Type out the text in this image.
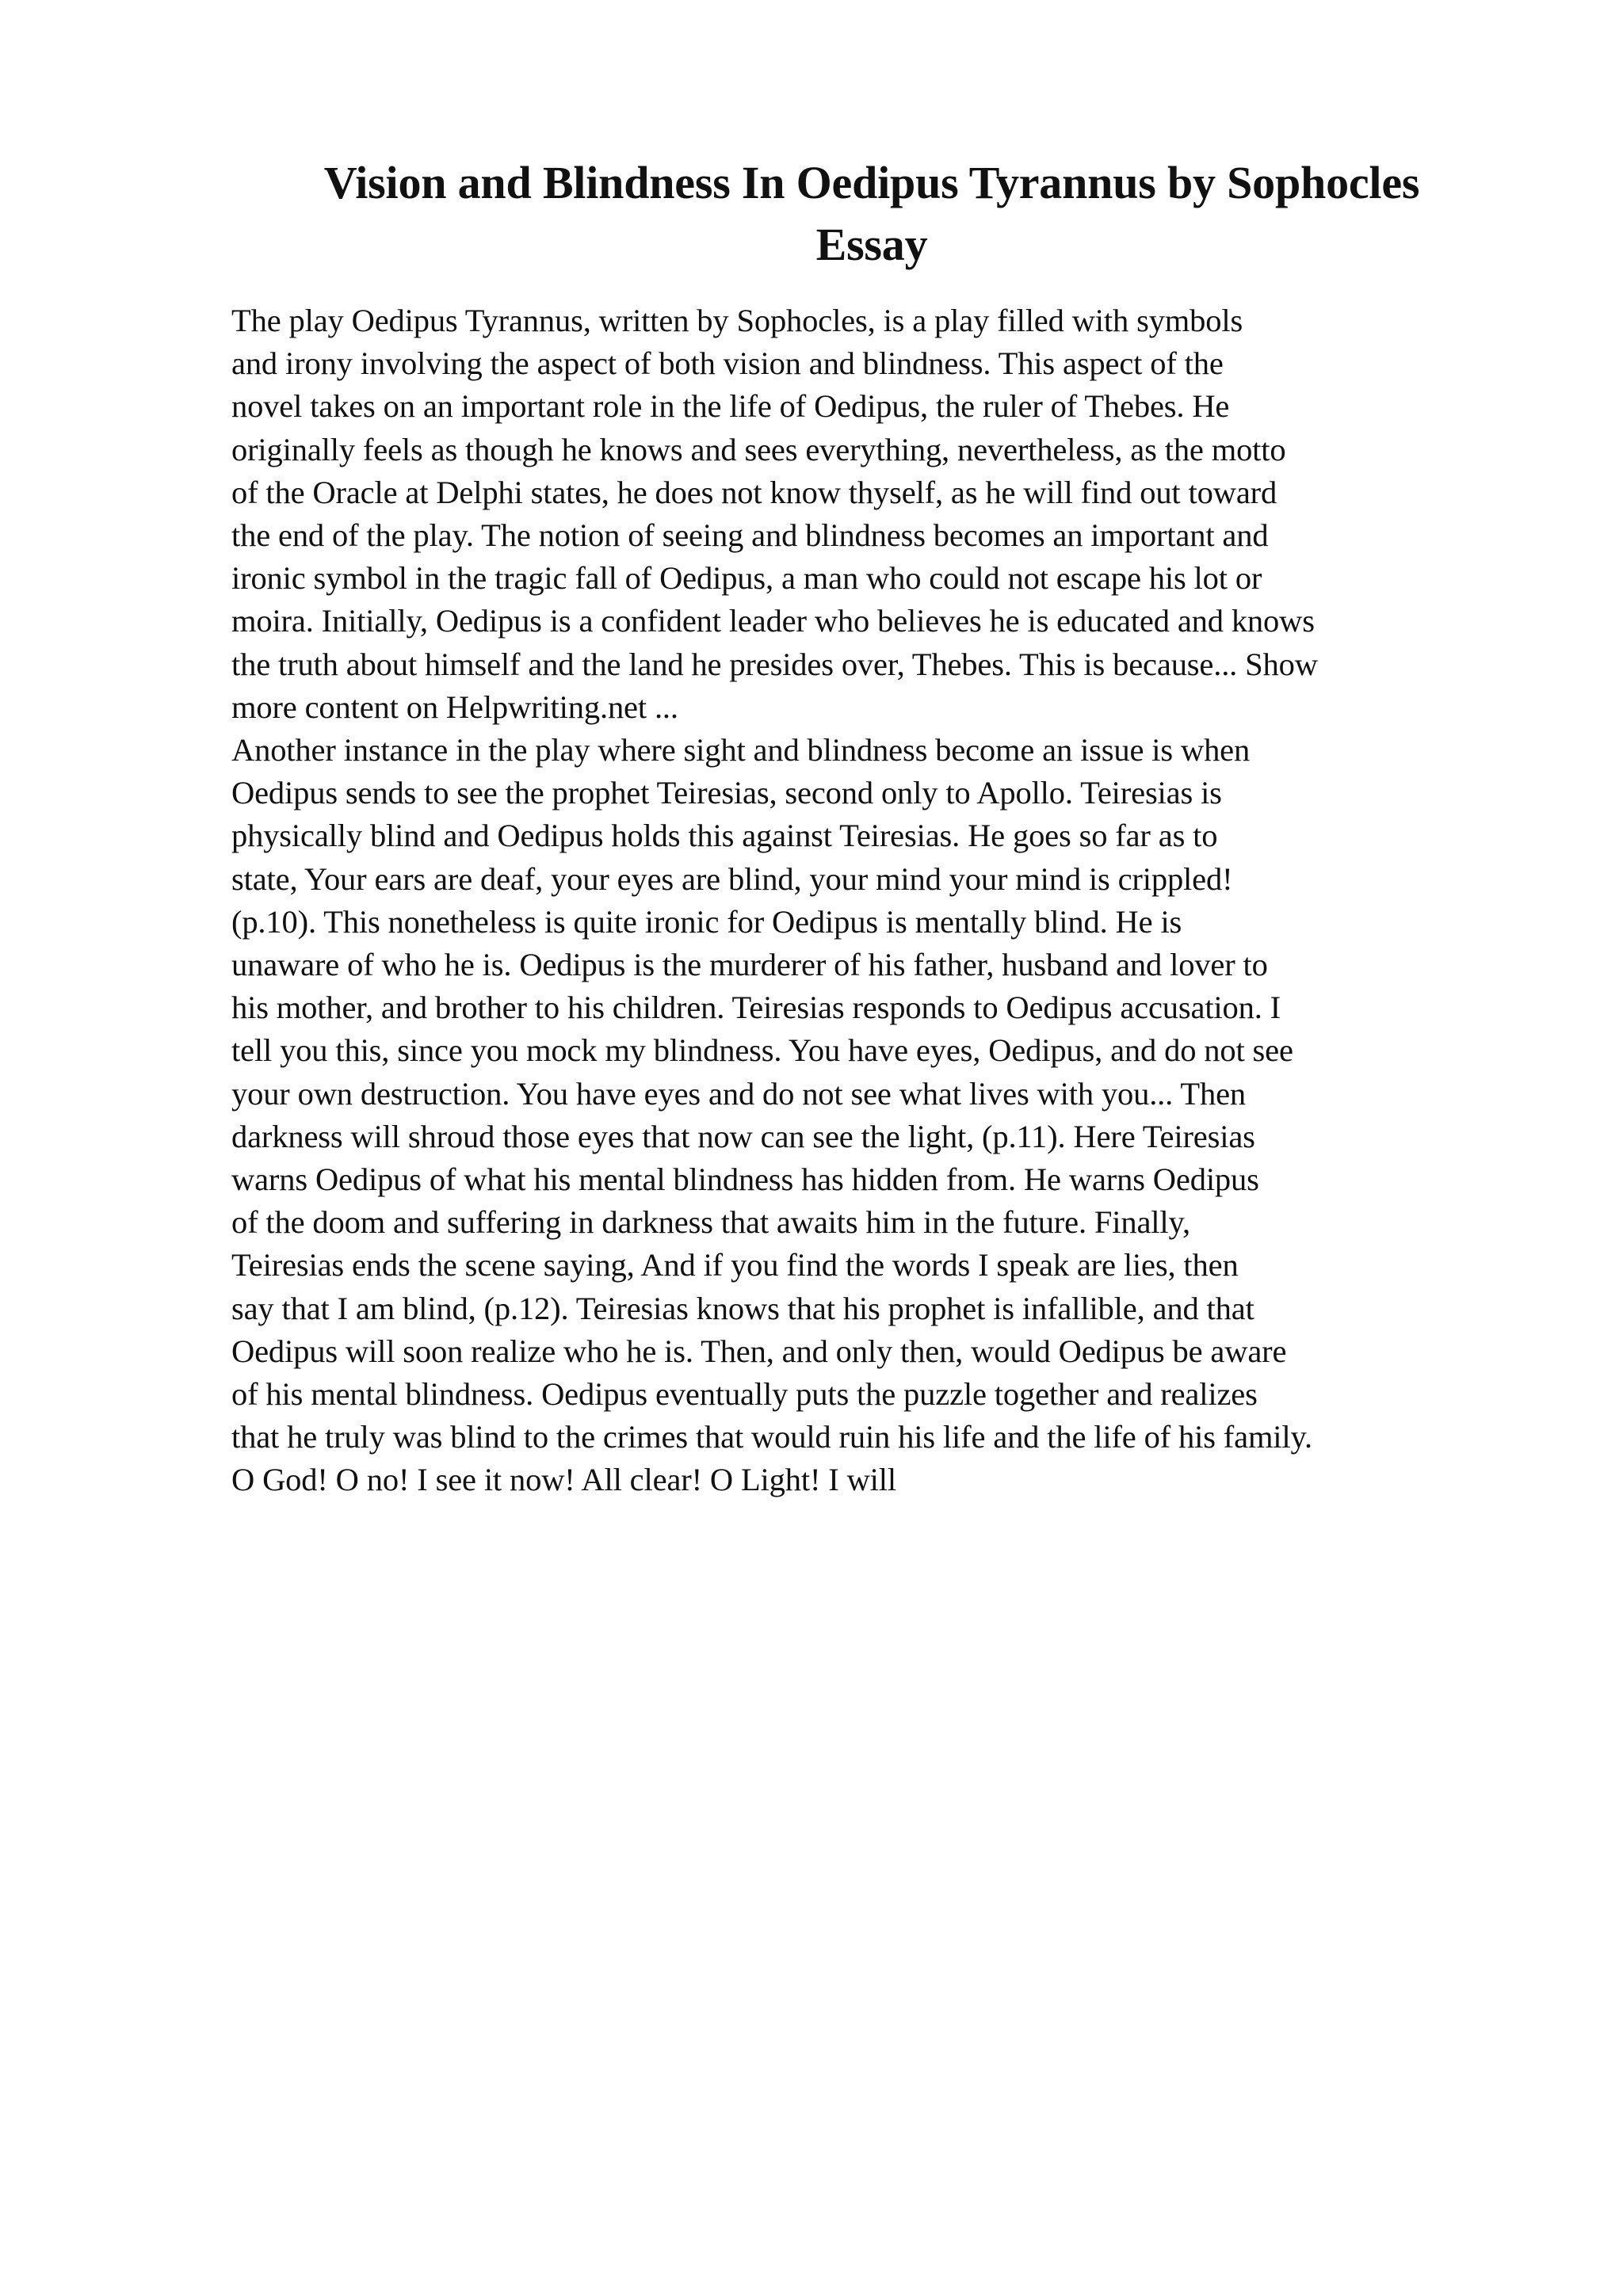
Vision and Blindness In Oedipus Tyrannus by Sophocles
Essay
The play Oedipus Tyrannus, written by Sophocles, is a play filled with symbols
and irony involving the aspect of both vision and blindness. This aspect of the
novel takes on an important role in the life of Oedipus, the ruler of Thebes. He
originally feels as though he knows and sees everything, nevertheless, as the motto
of the Oracle at Delphi states, he does not know thyself, as he will find out toward
the end of the play. The notion of seeing and blindness becomes an important and
ironic symbol in the tragic fall of Oedipus, a man who could not escape his lot or
moira. Initially, Oedipus is a confident leader who believes he is educated and knows
the truth about himself and the land he presides over, Thebes. This is because... Show
more content on Helpwriting.net ...
Another instance in the play where sight and blindness become an issue is when
Oedipus sends to see the prophet Teiresias, second only to Apollo. Teiresias is
physically blind and Oedipus holds this against Teiresias. He goes so far as to
state, Your ears are deaf, your eyes are blind, your mind your mind is crippled!
(p.10). This nonetheless is quite ironic for Oedipus is mentally blind. He is
unaware of who he is. Oedipus is the murderer of his father, husband and lover to
his mother, and brother to his children. Teiresias responds to Oedipus accusation. I
tell you this, since you mock my blindness. You have eyes, Oedipus, and do not see
your own destruction. You have eyes and do not see what lives with you... Then
darkness will shroud those eyes that now can see the light, (p.11). Here Teiresias
warns Oedipus of what his mental blindness has hidden from. He warns Oedipus
of the doom and suffering in darkness that awaits him in the future. Finally,
Teiresias ends the scene saying, And if you find the words I speak are lies, then
say that I am blind, (p.12). Teiresias knows that his prophet is infallible, and that
Oedipus will soon realize who he is. Then, and only then, would Oedipus be aware
of his mental blindness. Oedipus eventually puts the puzzle together and realizes
that he truly was blind to the crimes that would ruin his life and the life of his family.
O God! O no! I see it now! All clear! O Light! I will
